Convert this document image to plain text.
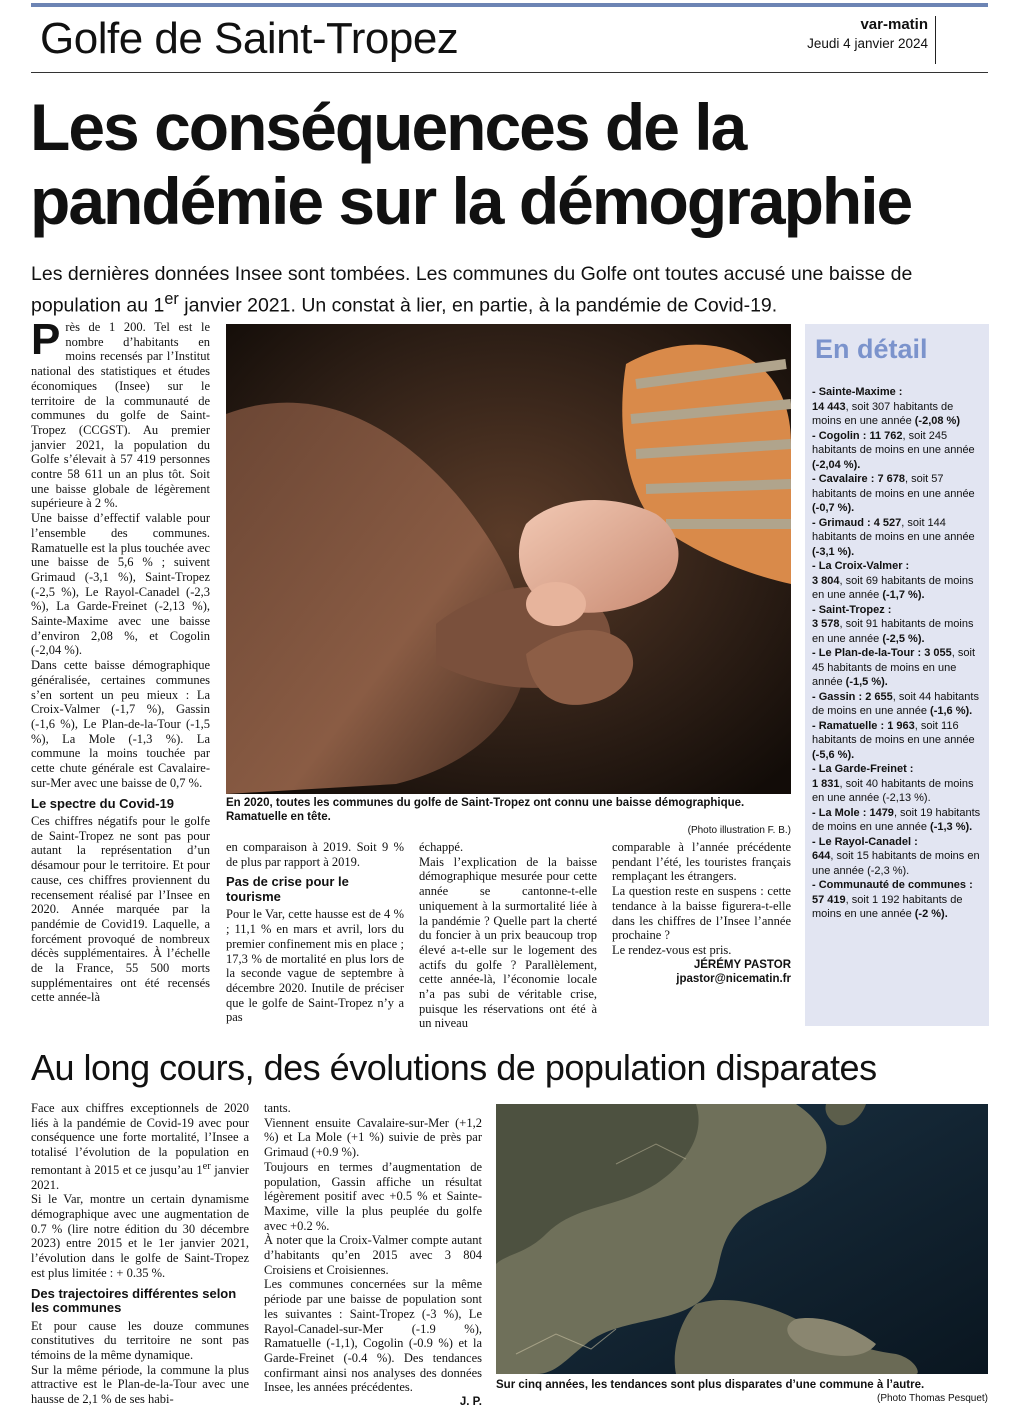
Golfe de Saint-Tropez	var-matin
Jeudi 4 janvier 2024
Les conséquences de la
pandémie sur la démographie
Les dernières données Insee sont tombées. Les communes du Golfe ont toutes accusé une baisse de population au 1er janvier 2021. Un constat à lier, en partie, à la pandémie de Covid-19.
P rès de 1 200. Tel est le nombre d’habitants en moins recensés par l’Institut national des statistiques et études économiques (Insee) sur le territoire de la communauté de communes du golfe de Saint-Tropez (CCGST). Au premier janvier 2021, la population du Golfe s’élevait à 57 419 personnes contre 58 611 un an plus tôt. Soit une baisse globale de légèrement supérieure à 2 %.

Une baisse d’effectif valable pour l’ensemble des communes. Ramatuelle est la plus touchée avec une baisse de 5,6 % ; suivent Grimaud (-3,1 %), Saint-Tropez (-2,5 %), Le Rayol-Canadel (-2,3 %), La Garde-Freinet (-2,13 %), Sainte-Maxime avec une baisse d’environ 2,08 %, et Cogolin (-2,04 %).

Dans cette baisse démographique généralisée, certaines communes s’en sortent un peu mieux : La Croix-Valmer (-1,7 %), Gassin (-1,6 %), Le Plan-de-la-Tour (-1,5 %), La Mole (-1,3 %). La commune la moins touchée par cette chute générale est Cavalaire-sur-Mer avec une baisse de 0,7 %.

Le spectre du Covid-19

Ces chiffres négatifs pour le golfe de Saint-Tropez ne sont pas pour autant la représentation d’un désamour pour le territoire. Et pour cause, ces chiffres proviennent du recensement réalisé par l’Insee en 2020. Année marquée par la pandémie de Covid19. Laquelle, a forcément provoqué de nombreux décès supplémentaires. À l’échelle de la France, 55 500 morts supplémentaires ont été recensés cette année-là

En 2020, toutes les communes du golfe de Saint-Tropez ont connu une baisse démographique. Ramatuelle en tête.
(Photo illustration F. B.)

en comparaison à 2019. Soit 9 % de plus par rapport à 2019.

Pas de crise pour le tourisme

Pour le Var, cette hausse est de 4 % ; 11,1 % en mars et avril, lors du premier confinement mis en place ; 17,3 % de mortalité en plus lors de la seconde vague de septembre à décembre 2020. Inutile de préciser que le golfe de Saint-Tropez n’y a pas

échappé.

Mais l’explication de la baisse démographique mesurée pour cette année se cantonne-t-elle uniquement à la surmortalité liée à la pandémie ? Quelle part la cherté du foncier à un prix beaucoup trop élevé a-t-elle sur le logement des actifs du golfe ? Parallèlement, cette année-là, l’économie locale n’a pas subi de véritable crise, puisque les réservations ont été à un niveau

comparable à l’année précédente pendant l’été, les touristes français remplaçant les étrangers.

La question reste en suspens : cette tendance à la baisse figurera-t-elle dans les chiffres de l’Insee l’année prochaine ?

Le rendez-vous est pris.

JÉRÉMY PASTOR
jpastor@nicematin.fr
En détail
- Sainte-Maxime :
14 443, soit 307 habitants de moins en une année (-2,08 %)
- Cogolin : 11 762, soit 245 habitants de moins en une année (-2,04 %).
- Cavalaire : 7 678, soit 57 habitants de moins en une année (-0,7 %).
- Grimaud : 4 527, soit 144 habitants de moins en une année (-3,1 %).
- La Croix-Valmer :
3 804, soit 69 habitants de moins en une année (-1,7 %).
- Saint-Tropez :
3 578, soit 91 habitants de moins en une année (-2,5 %).
- Le Plan-de-la-Tour : 3 055, soit 45 habitants de moins en une année (-1,5 %).
- Gassin : 2 655, soit 44 habitants de moins en une année (-1,6 %).
- Ramatuelle : 1 963, soit 116 habitants de moins en une année (-5,6 %).
- La Garde-Freinet :
1 831, soit 40 habitants de moins en une année (-2,13 %).
- La Mole : 1479, soit 19 habitants de moins en une année (-1,3 %).
- Le Rayol-Canadel :
644, soit 15 habitants de moins en une année (-2,3 %).
- Communauté de communes :
57 419, soit 1 192 habitants de moins en une année (-2 %).
Au long cours, des évolutions de population disparates

Face aux chiffres exceptionnels de 2020 liés à la pandémie de Covid-19 avec pour conséquence une forte mortalité, l’Insee a totalisé l’évolution de la population en remontant à 2015 et ce jusqu’au 1er janvier 2021.

Si le Var, montre un certain dynamisme démographique avec une augmentation de 0.7 % (lire notre édition du 30 décembre 2023) entre 2015 et le 1er janvier 2021, l’évolution dans le golfe de Saint-Tropez est plus limitée : + 0.35 %.

Des trajectoires différentes selon les communes

Et pour cause les douze communes constitutives du territoire ne sont pas témoins de la même dynamique.

Sur la même période, la commune la plus attractive est le Plan-de-la-Tour avec une hausse de 2,1 % de ses habi-

tants.

Viennent ensuite Cavalaire-sur-Mer (+1,2 %) et La Mole (+1 %) suivie de près par Grimaud (+0.9 %).

Toujours en termes d’augmentation de population, Gassin affiche un résultat légèrement positif avec +0.5 % et Sainte-Maxime, ville la plus peuplée du golfe avec +0.2 %.

À noter que la Croix-Valmer compte autant d’habitants qu’en 2015 avec 3 804 Croisiens et Croisiennes.

Les communes concernées sur la même période par une baisse de population sont les suivantes : Saint-Tropez (-3 %), Le Rayol-Canadel-sur-Mer (-1.9 %), Ramatuelle (-1,1), Cogolin (-0.9 %) et la Garde-Freinet (-0.4 %). Des tendances confirmant ainsi nos analyses des données Insee, les années précédentes.

J. P.
Sur cinq années, les tendances sont plus disparates d’une commune à l’autre.
(Photo Thomas Pesquet)
